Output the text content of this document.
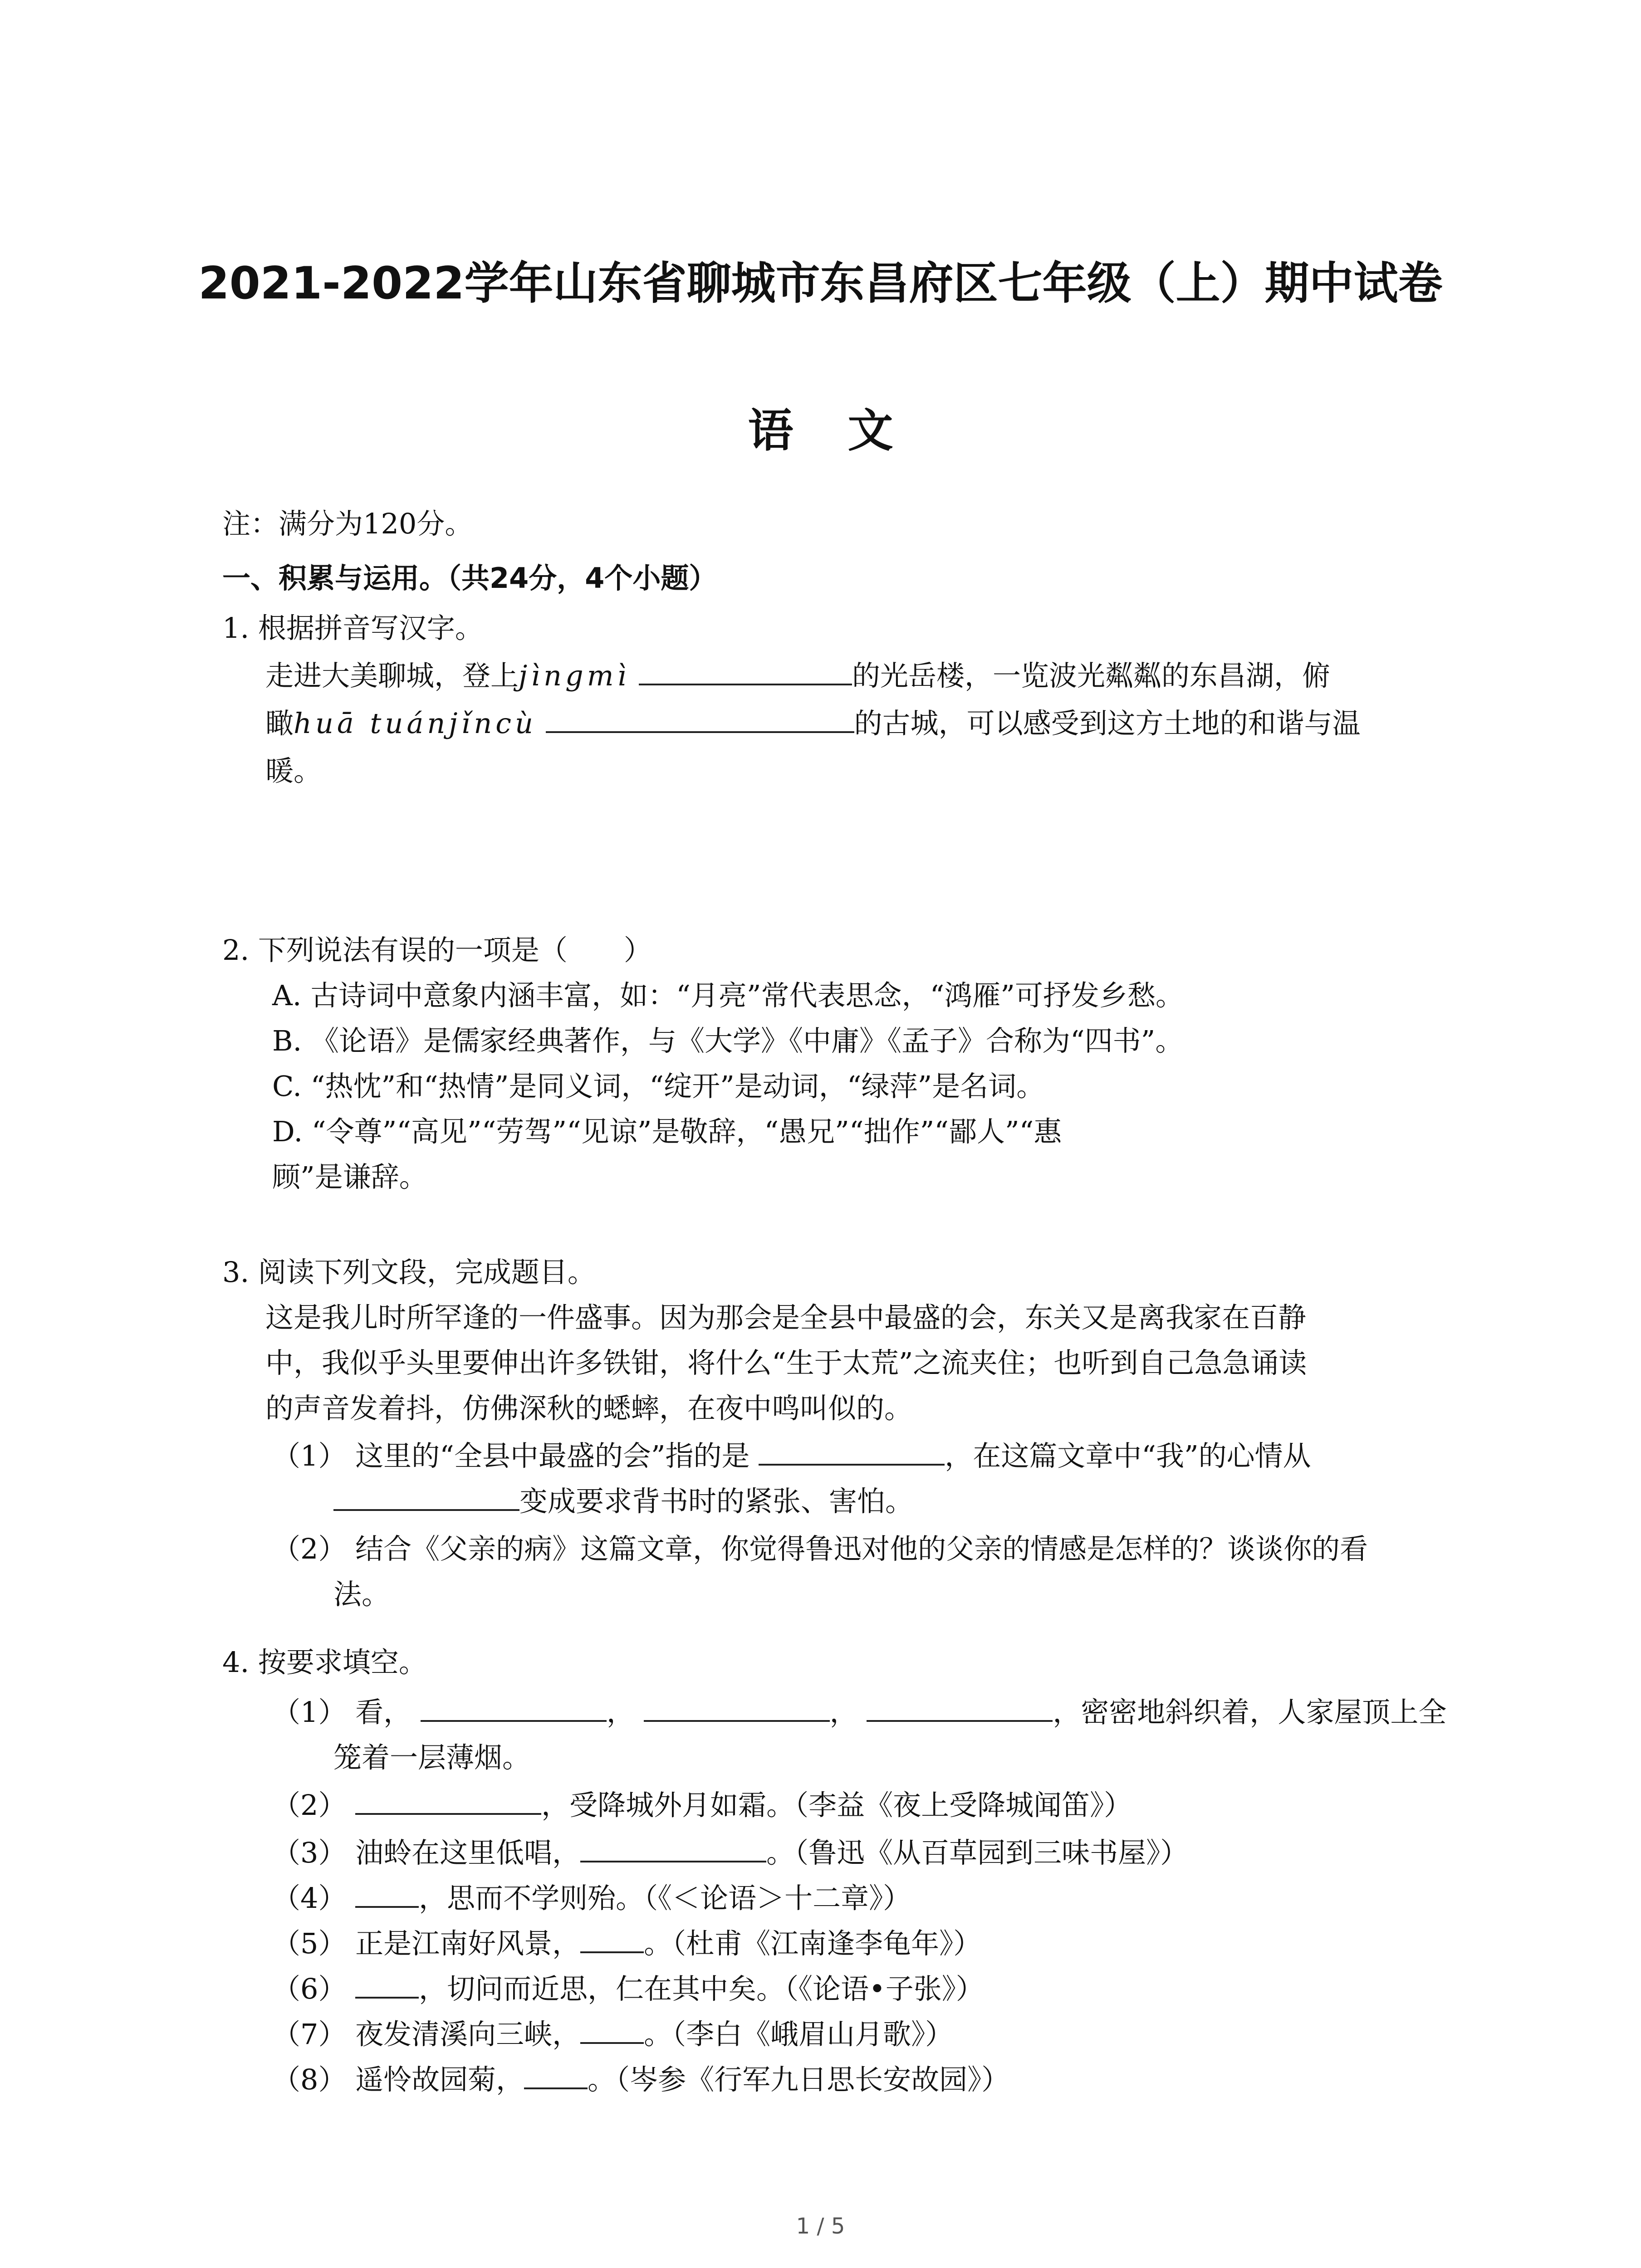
2021-2022学年山东省聊城市东昌府区七年级（上）期中试卷
语文
注：满分为120分。
一、积累与运用。（共24分，4个小题）
1. 根据拼音写汉字。
走进大美聊城，登上jìngmì	的光岳楼，一览波光粼粼的东昌湖，俯
瞰huā tuánjǐncù	的古城，可以感受到这方土地的和谐与温
暖。
2. 下列说法有误的一项是（　　）
A. 古诗词中意象内涵丰富，如：“月亮”常代表思念，“鸿雁”可抒发乡愁。
B. 《论语》是儒家经典著作，与《大学》《中庸》《孟子》合称为“四书”。
C. “热忱”和“热情”是同义词，“绽开”是动词，“绿萍”是名词。
D. “令尊”“高见”“劳驾”“见谅”是敬辞，“愚兄”“拙作”“鄙人”“惠
顾”是谦辞。
3. 阅读下列文段，完成题目。
这是我儿时所罕逢的一件盛事。因为那会是全县中最盛的会，东关又是离我家在百静
中，我似乎头里要伸出许多铁钳，将什么“生于太荒”之流夹住；也听到自己急急诵读
的声音发着抖，仿佛深秋的蟋蟀，在夜中鸣叫似的。
（1） 这里的“全县中最盛的会”指的是	，在这篇文章中“我”的心情从
变成要求背书时的紧张、害怕。
（2） 结合《父亲的病》这篇文章，你觉得鲁迅对他的父亲的情感是怎样的？谈谈你的看
法。
4. 按要求填空。
（1） 看，	，	，	，密密地斜织着，人家屋顶上全
笼着一层薄烟。
（2）	，受降城外月如霜。（李益《夜上受降城闻笛》）
（3） 油蛉在这里低唱，	。（鲁迅《从百草园到三味书屋》）
（4）	，思而不学则殆。（《＜论语＞十二章》）
（5） 正是江南好风景， 。（杜甫《江南逢李龟年》）
（6）	，切问而近思，仁在其中矣。（《论语•子张》）
（7） 夜发清溪向三峡， 。（李白《峨眉山月歌》）
（8） 遥怜故园菊， 。（岑参《行军九日思长安故园》）
1 / 5
